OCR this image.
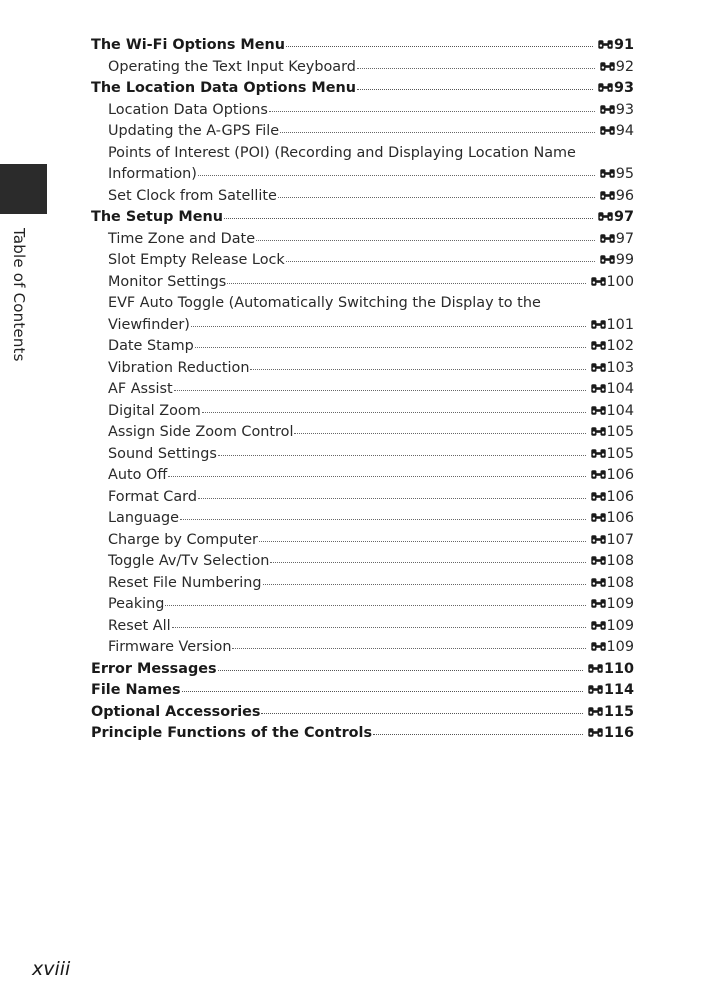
Table of Contents
The Wi-Fi Options Menu	91
Operating the Text Input Keyboard	92
The Location Data Options Menu	93
Location Data Options	93
Updating the A-GPS File	94
Points of Interest (POI) (Recording and Displaying Location Name
Information)	95
Set Clock from Satellite	96
The Setup Menu	97
Time Zone and Date	97
Slot Empty Release Lock	99
Monitor Settings	100
EVF Auto Toggle (Automatically Switching the Display to the
Viewfinder)	101
Date Stamp	102
Vibration Reduction	103
AF Assist	104
Digital Zoom	104
Assign Side Zoom Control	105
Sound Settings	105
Auto Off	106
Format Card	106
Language	106
Charge by Computer	107
Toggle Av/Tv Selection	108
Reset File Numbering	108
Peaking	109
Reset All	109
Firmware Version	109
Error Messages	110
File Names	114
Optional Accessories	115
Principle Functions of the Controls	116
xviii
